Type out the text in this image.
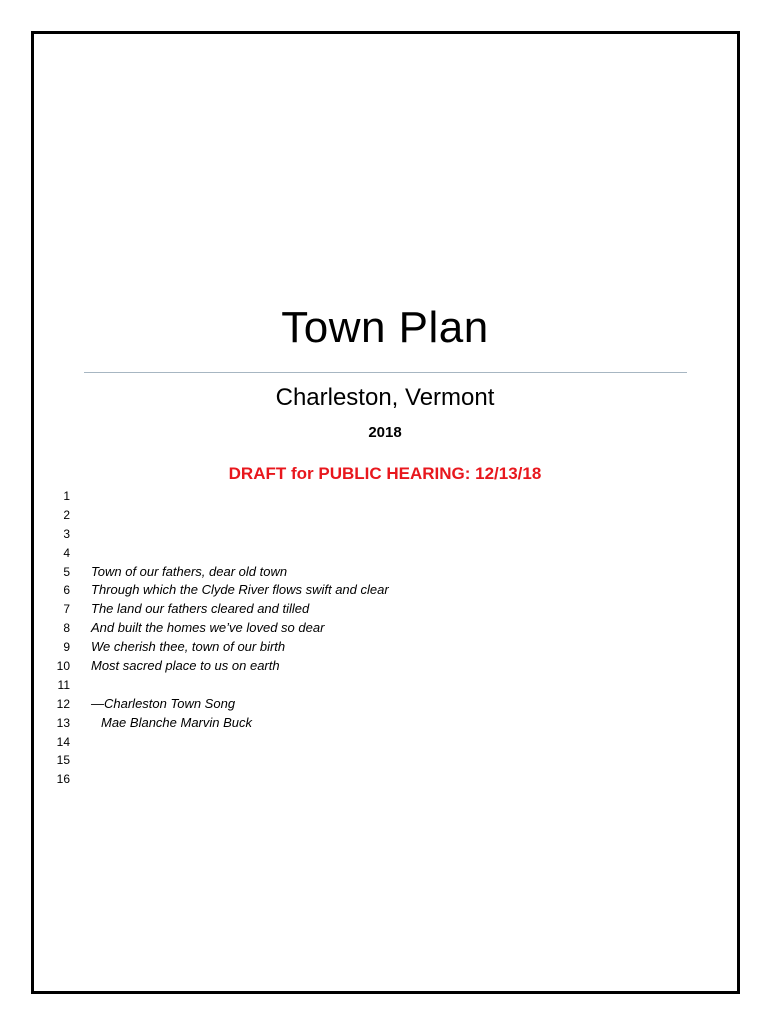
Town Plan
Charleston, Vermont
2018
DRAFT for PUBLIC HEARING: 12/13/18
1
2
3
4
5
6
7
8
9
10
11
12
13
14
15
16
Town of our fathers, dear old town
Through which the Clyde River flows swift and clear
The land our fathers cleared and tilled
And built the homes we’ve loved so dear
We cherish thee, town of our birth
Most sacred place to us on earth
—Charleston Town Song
Mae Blanche Marvin Buck
